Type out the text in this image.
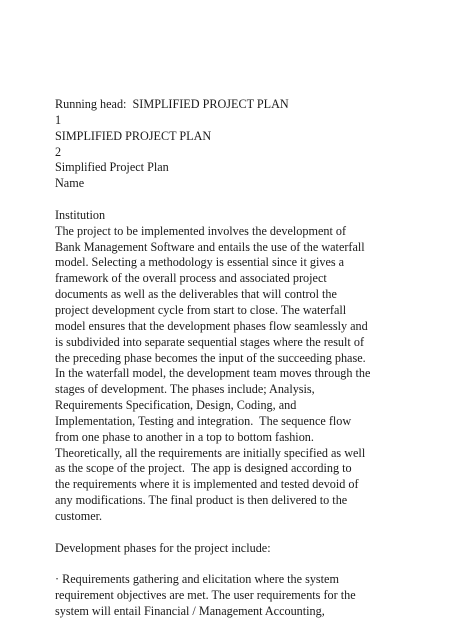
Running head:  SIMPLIFIED PROJECT PLAN
1
SIMPLIFIED PROJECT PLAN
2
Simplified Project Plan
Name
Institution
The project to be implemented involves the development of
Bank Management Software and entails the use of the waterfall
model. Selecting a methodology is essential since it gives a
framework of the overall process and associated project
documents as well as the deliverables that will control the
project development cycle from start to close. The waterfall
model ensures that the development phases flow seamlessly and
is subdivided into separate sequential stages where the result of
the preceding phase becomes the input of the succeeding phase.
In the waterfall model, the development team moves through the
stages of development. The phases include; Analysis,
Requirements Specification, Design, Coding, and
Implementation, Testing and integration.  The sequence flow
from one phase to another in a top to bottom fashion.
Theoretically, all the requirements are initially specified as well
as the scope of the project.  The app is designed according to
the requirements where it is implemented and tested devoid of
any modifications. The final product is then delivered to the
customer.
Development phases for the project include:
· Requirements gathering and elicitation where the system
requirement objectives are met. The user requirements for the
system will entail Financial / Management Accounting,
